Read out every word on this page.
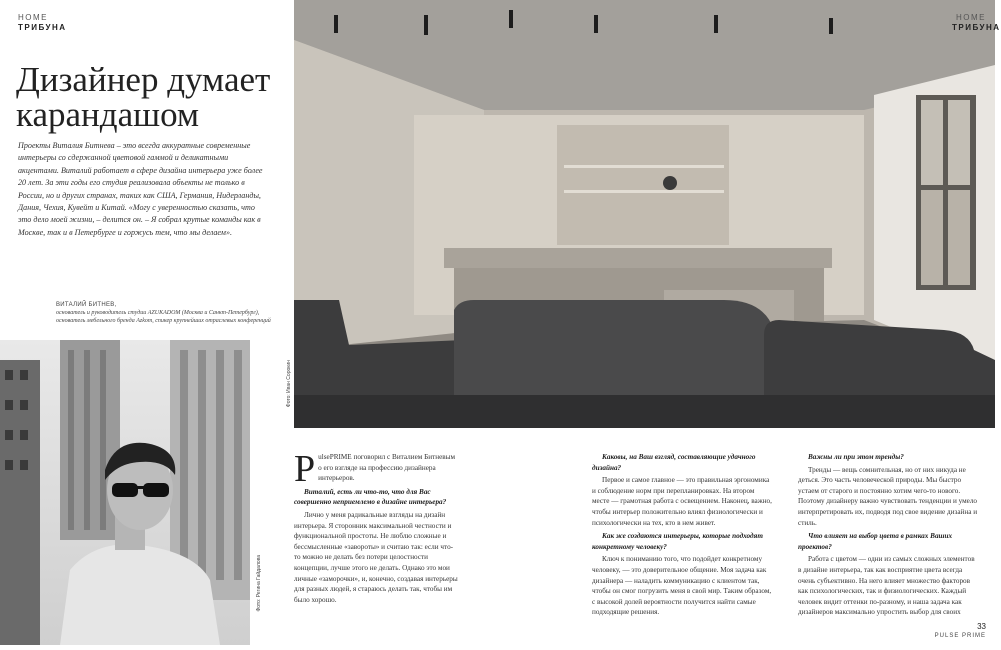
HOME
ТРИБУНА
Дизайнер думает карандашом
Проекты Виталия Битнева – это всегда аккуратные современные интерьеры со сдержанной цветовой гаммой и деликатными акцентами. Виталий работает в сфере дизайна интерьера уже более 20 лет. За эти годы его студия реализовала объекты не только в России, но и других странах, таких как США, Германия, Нидерланды, Дания, Чехия, Кувейт и Китай. «Могу с уверенностью сказать, что это дело моей жизни, – делится он. – Я собрал крутые команды как в Москве, так и в Петербурге и горжусь тем, что мы делаем».
ВИТАЛИЙ БИТНЕВ,
основатель и руководитель студии AZUKADOM (Москва и Санкт-Петербург), основатель мебельного бренда Azkom, спикер крупнейших отраслевых конференций
Фото: Регина Гайдалова
Фото: Иван Сорокин
HOME
ТРИБУНА
P ulsePRIME поговорил с Виталием Битневым о его взгляде на профессию дизайнера интерьеров.

Виталий, есть ли что-то, что для Вас совершенно неприемлемо в дизайне интерьера?

Лично у меня радикальные взгляды на дизайн интерьера. Я сторонник максимальной честности и функциональной простоты. Не люблю сложные и бессмысленные «завороты» и считаю так: если что-то можно не делать без потери целостности концепции, лучше этого не делать. Однако это мои личные «заморочки», и, конечно, создавая интерьеры для разных людей, я стараюсь делать так, чтобы им было хорошо.

Каковы, на Ваш взгляд, составляющие удачного дизайна?

Первое и самое главное — это правильная эргономика и соблюдение норм при перепланировках. На втором месте — грамотная работа с освещением. Наконец, важно, чтобы интерьер положительно влиял физиологически и психологически на тех, кто в нем живет.

Как же создаются интерьеры, которые подходят конкретному человеку?

Ключ к пониманию того, что подойдет конкретному человеку, — это доверительное общение. Моя задача как дизайнера — наладить коммуникацию с клиентом так, чтобы он смог погрузить меня в свой мир. Таким образом, с высокой долей вероятности получится найти самые подходящие решения.

Важны ли при этом тренды?

Тренды — вещь сомнительная, но от них никуда не деться. Это часть человеческой природы. Мы быстро устаем от старого и постоянно хотим чего-то нового. Поэтому дизайнеру важно чувствовать тенденции и умело интерпретировать их, подводя под свое видение дизайна и стиль.

Что влияет на выбор цвета в рамках Ваших проектов?

Работа с цветом — одни из самых сложных элементов в дизайне интерьера, так как восприятие цвета всегда очень субъективно. На него влияет множество факторов как психологических, так и физиологических. Каждый человек видит оттенки по-разному, и наша задача как дизайнеров максимально упростить выбор для своих

33
PULSE PRIME
